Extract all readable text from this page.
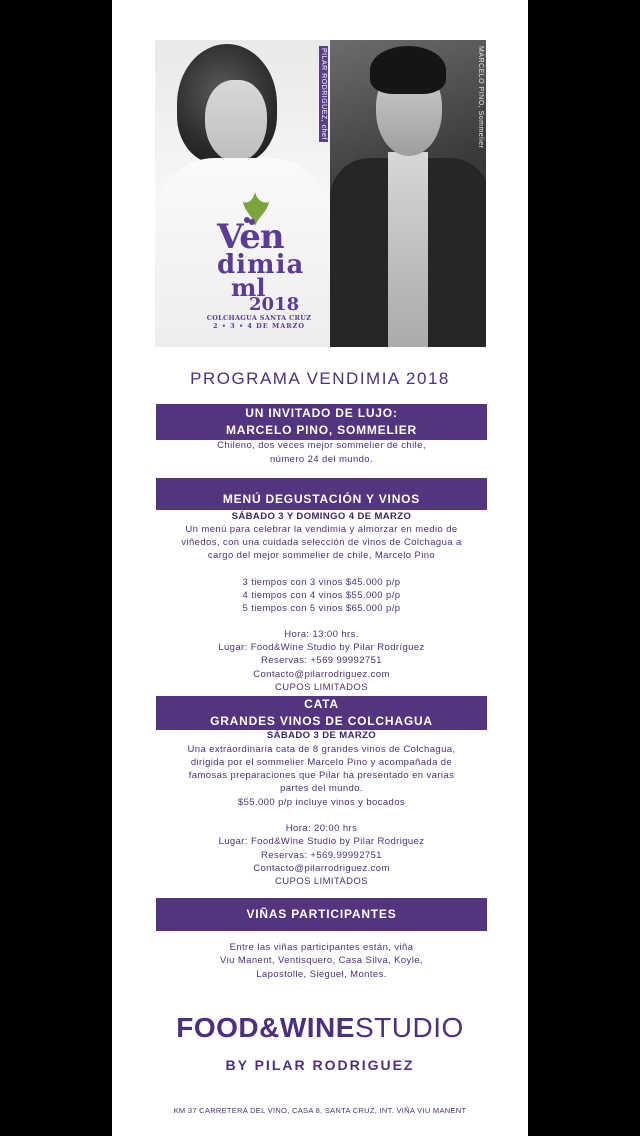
PILAR RODRIGUEZ, chef
Ven
dimia
ml
2018
COLCHAGUA SANTA CRUZ
2 • 3 • 4 DE MARZO
MARCELO PINO, Sommelier
PROGRAMA VENDIMIA 2018
UN INVITADO DE LUJO:
MARCELO PINO, SOMMELIER
Chileno, dos veces mejor sommelier de chile,
número 24 del mundo.
MENÚ DEGUSTACIÓN Y VINOS
SÁBADO 3 Y DOMINGO 4 DE MARZO
Un menú para celebrar la vendimia y almorzar en medio de
viñedos, con una cuidada selección de vinos de Colchagua a
cargo del mejor sommelier de chile, Marcelo Pino
3 tiempos con 3 vinos $45.000 p/p
4 tiempos con 4 vinos $55.000 p/p
5 tiempos con 5 vinos $65.000 p/p
Hora: 13:00 hrs.
Lugar: Food&Wine Studio by Pilar Rodríguez
Reservas: +569 99992751
Contacto@pilarrodriguez.com
CUPOS LIMITADOS
CATA
GRANDES VINOS DE COLCHAGUA
SÁBADO 3 DE MARZO
Una extraordinaria cata de 8 grandes vinos de Colchagua,
dirigida por el sommelier Marcelo Pino y acompañada de
famosas preparaciones que Pilar ha presentado en varias
partes del mundo.
$55.000 p/p incluye vinos y bocados
Hora: 20:00 hrs
Lugar: Food&Wine Studio by Pilar Rodriguez
Reservas: +569.99992751
Contacto@pilarrodriguez.com
CUPOS LIMITADOS
VIÑAS PARTICIPANTES
Entre las viñas participantes están, viña
Viu Manent, Ventisquero, Casa Silva, Koyle,
Lapostolle, Sieguel, Montes.
FOOD&WINESTUDIO
BY PILAR RODRIGUEZ
KM 37 CARRETERA DEL VINO, CASA 8, SANTA CRUZ, INT. VIÑA VIU MANENT
